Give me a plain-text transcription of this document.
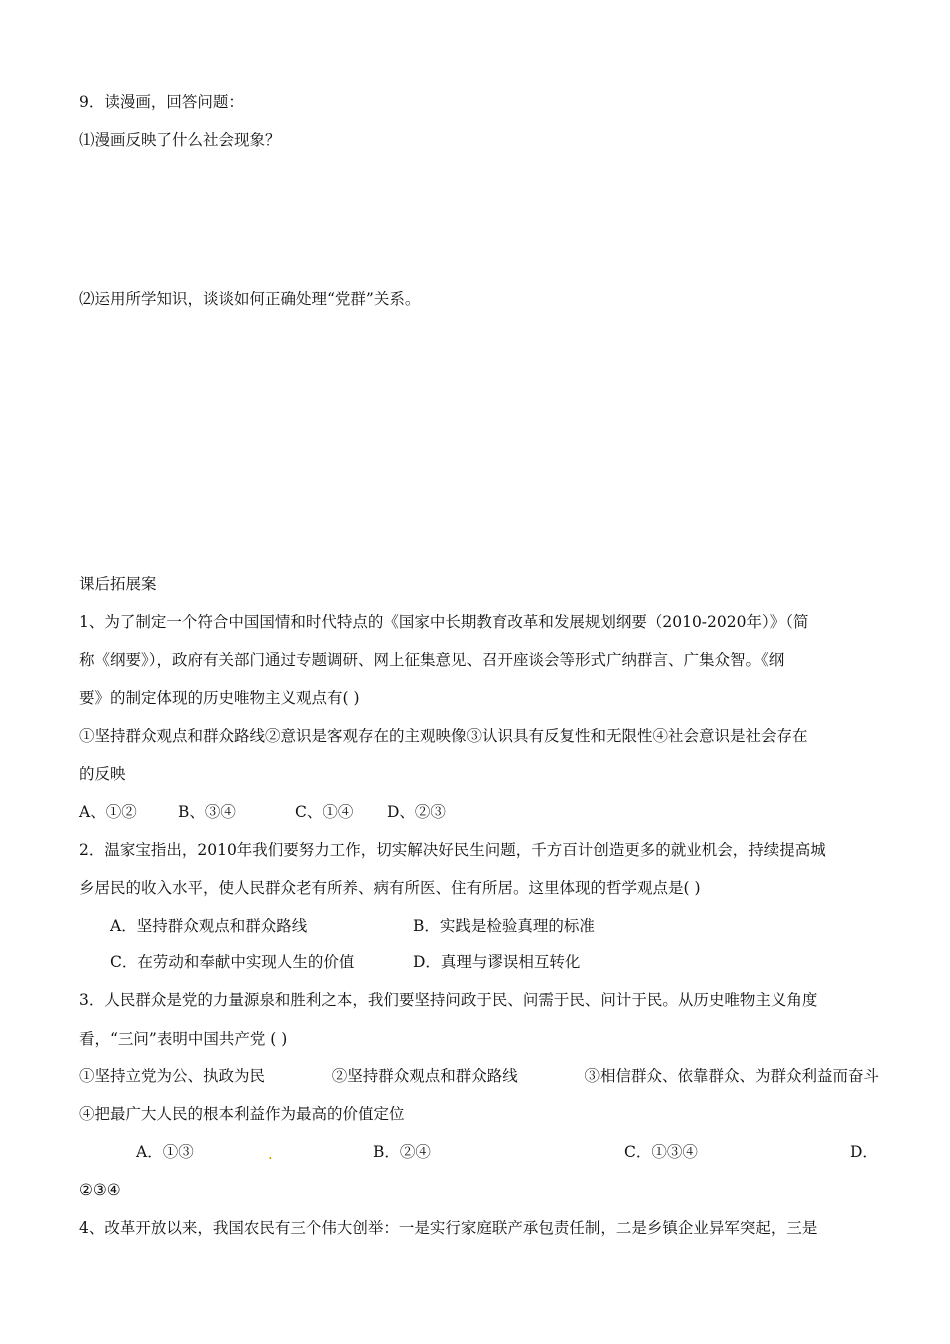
9．读漫画，回答问题：
⑴漫画反映了什么社会现象？
⑵运用所学知识，谈谈如何正确处理“党群”关系。
课后拓展案
1、为了制定一个符合中国国情和时代特点的《国家中长期教育改革和发展规划纲要（2010-2020年）》（简
称《纲要》），政府有关部门通过专题调研、网上征集意见、召开座谈会等形式广纳群言、广集众智。《纲
要》的制定体现的历史唯物主义观点有( )
①坚持群众观点和群众路线②意识是客观存在的主观映像③认识具有反复性和无限性④社会意识是社会存在
的反映
A、①②	B、③④	C、①④ D、②③
2．温家宝指出，2010年我们要努力工作，切实解决好民生问题，千方百计创造更多的就业机会，持续提高城
乡居民的收入水平，使人民群众老有所养、病有所医、住有所居。这里体现的哲学观点是( )
A．坚持群众观点和群众路线	B．实践是检验真理的标准
C．在劳动和奉献中实现人生的价值	D．真理与谬误相互转化
3．人民群众是党的力量源泉和胜利之本，我们要坚持问政于民、问需于民、问计于民。从历史唯物主义角度
看，“三问”表明中国共产党 ( )
①坚持立党为公、执政为民	②坚持群众观点和群众路线	③相信群众、依靠群众、为群众利益而奋斗
④把最广大人民的根本利益作为最高的价值定位
A．①③	.	B．②④	C．①③④	D．
②③④
4、改革开放以来，我国农民有三个伟大创举：一是实行家庭联产承包责任制，二是乡镇企业异军突起，三是
